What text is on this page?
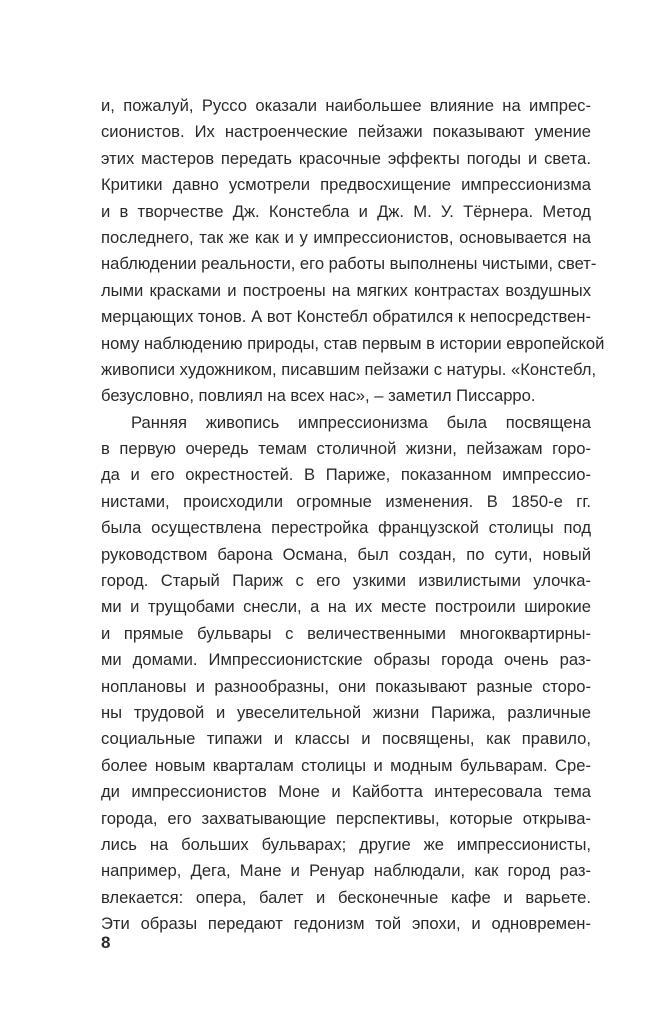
и, пожалуй, Руссо оказали наибольшее влияние на импрес-
сионистов. Их настроенческие пейзажи показывают умение
этих мастеров передать красочные эффекты погоды и света.
Критики давно усмотрели предвосхищение импрессионизма
и в творчестве Дж. Констебла и Дж. М. У. Тёрнера. Метод
последнего, так же как и у импрессионистов, основывается на
наблюдении реальности, его работы выполнены чистыми, свет-
лыми красками и построены на мягких контрастах воздушных
мерцающих тонов. А вот Констебл обратился к непосредствен-
ному наблюдению природы, став первым в истории европейской
живописи художником, писавшим пейзажи с натуры. «Констебл,
безусловно, повлиял на всех нас», – заметил Писсарро.
Ранняя живопись импрессионизма была посвящена
в первую очередь темам столичной жизни, пейзажам горо-
да и его окрестностей. В Париже, показанном импрессио-
нистами, происходили огромные изменения. В 1850-е гг.
была осуществлена перестройка французской столицы под
руководством барона Османа, был создан, по сути, новый
город. Старый Париж с его узкими извилистыми улочка-
ми и трущобами снесли, а на их месте построили широкие
и прямые бульвары с величественными многоквартирны-
ми домами. Импрессионистские образы города очень раз-
ноплановы и разнообразны, они показывают разные сторо-
ны трудовой и увеселительной жизни Парижа, различные
социальные типажи и классы и посвящены, как правило,
более новым кварталам столицы и модным бульварам. Сре-
ди импрессионистов Моне и Кайботта интересовала тема
города, его захватывающие перспективы, которые открыва-
лись на больших бульварах; другие же импрессионисты,
например, Дега, Мане и Ренуар наблюдали, как город раз-
влекается: опера, балет и бесконечные кафе и варьете.
Эти образы передают гедонизм той эпохи, и одновремен-
8
